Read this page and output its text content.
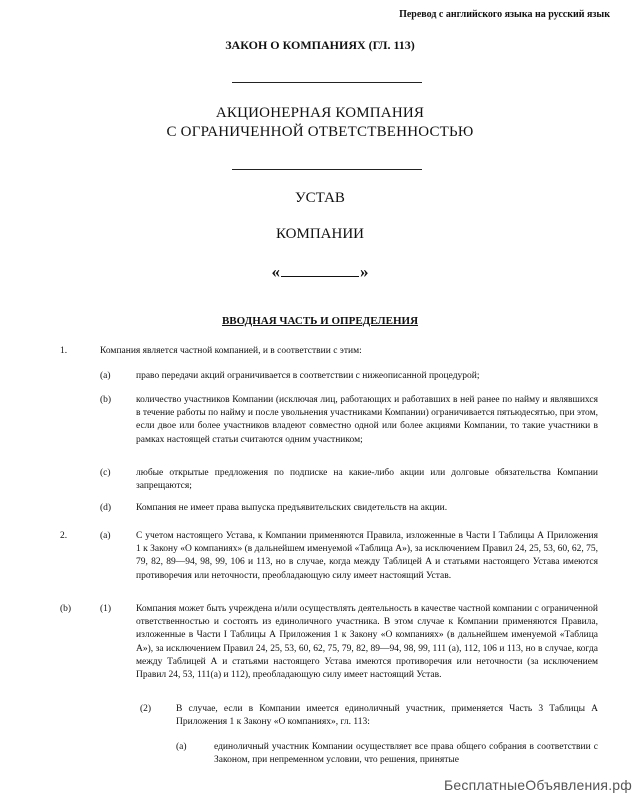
Перевод с английского языка на русский язык
ЗАКОН О КОМПАНИЯХ (ГЛ. 113)
АКЦИОНЕРНАЯ КОМПАНИЯ
С ОГРАНИЧЕННОЙ ОТВЕТСТВЕННОСТЬЮ
УСТАВ
КОМПАНИИ
«	»
ВВОДНАЯ ЧАСТЬ И ОПРЕДЕЛЕНИЯ
1.	Компания является частной компанией, и в соответствии с этим:
(a)	право передачи акций ограничивается в соответствии с нижеописанной процедурой;
(b)	количество участников Компании (исключая лиц, работающих и работавших в ней ранее по найму и являвшихся в течение работы по найму и после увольнения участниками Компании) ограничивается пятьюдесятью, при этом, если двое или более участников владеют совместно одной или более акциями Компании, то такие участники в рамках настоящей статьи считаются одним участником;
(c)	любые открытые предложения по подписке на какие-либо акции или долговые обязательства Компании запрещаются;
(d)	Компания не имеет права выпуска предъявительских свидетельств на акции.
2.	(a)	С учетом настоящего Устава, к Компании применяются Правила, изложенные в Части I Таблицы А Приложения 1 к Закону «О компаниях» (в дальнейшем именуемой «Таблица А»), за исключением Правил 24, 25, 53, 60, 62, 75, 79, 82, 89—94, 98, 99, 106 и 113, но в случае, когда между Таблицей А и статьями настоящего Устава имеются противоречия или неточности, преобладающую силу имеет настоящий Устав.
(b)	(1)	Компания может быть учреждена и/или осуществлять деятельность в качестве частной компании с ограниченной ответственностью и состоять из единоличного участника. В этом случае к Компании применяются Правила, изложенные в Части I Таблицы А Приложения 1 к Закону «О компаниях» (в дальнейшем именуемой «Таблица А»), за исключением Правил 24, 25, 53, 60, 62, 75, 79, 82, 89—94, 98, 99, 111 (a), 112, 106 и 113, но в случае, когда между Таблицей А и статьями настоящего Устава имеются противоречия или неточности (за исключением Правил 24, 53, 111(a) и 112), преобладающую силу имеет настоящий Устав.
(2)	В случае, если в Компании имеется единоличный участник, применяется Часть 3 Таблицы А Приложения 1 к Закону «О компаниях», гл. 113:
(a)	единоличный участник Компании осуществляет все права общего собрания в соответствии с Законом, при непременном условии, что решения, принятые
БесплатныеОбъявления.рф
